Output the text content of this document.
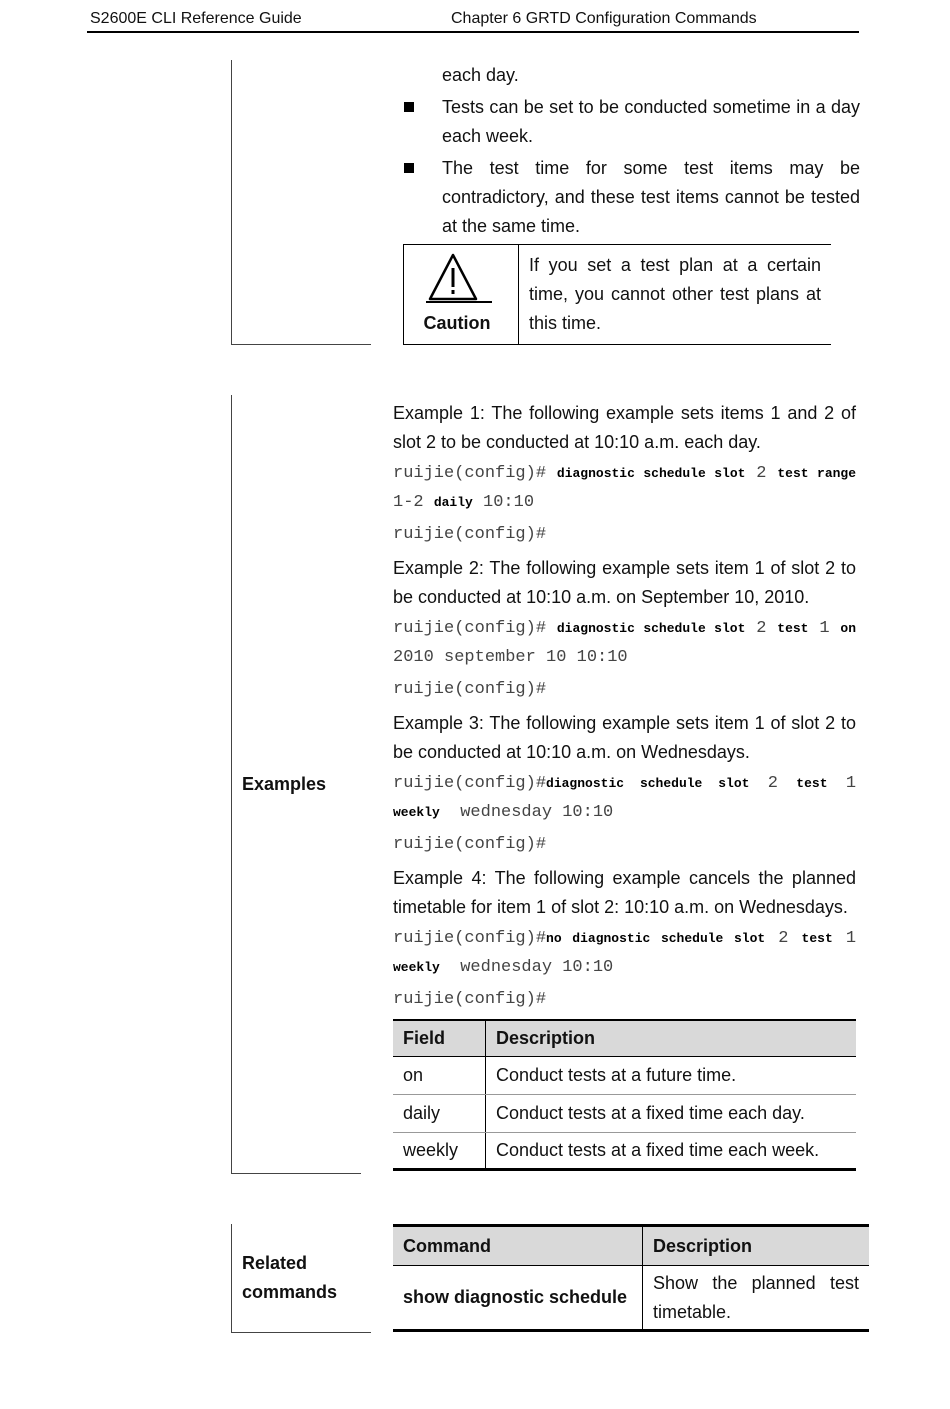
S2600E CLI Reference Guide	Chapter 6 GRTD Configuration Commands
each day.
Tests can be set to be conducted sometime in a day each week.
The test time for some test items may be contradictory, and these test items cannot be tested at the same time.
Caution
If you set a test plan at a certain time, you cannot other test plans at this time.
Examples
Example 1: The following example sets items 1 and 2 of slot 2 to be conducted at 10:10 a.m. each day.
ruijie(config)# diagnostic schedule slot 2 test range 1-2 daily 10:10
ruijie(config)#
Example 2: The following example sets item 1 of slot 2 to be conducted at 10:10 a.m. on September 10, 2010.
ruijie(config)# diagnostic schedule slot 2 test 1 on 2010 september 10 10:10
ruijie(config)#
Example 3: The following example sets item 1 of slot 2 to be conducted at 10:10 a.m. on Wednesdays.
ruijie(config)#diagnostic schedule slot 2 test 1 weekly wednesday 10:10
ruijie(config)#
Example 4: The following example cancels the planned timetable for item 1 of slot 2: 10:10 a.m. on Wednesdays.
ruijie(config)#no diagnostic schedule slot 2 test 1 weekly wednesday 10:10
ruijie(config)#
Field	Description
on	Conduct tests at a future time.
daily	Conduct tests at a fixed time each day.
weekly	Conduct tests at a fixed time each week.
Related
commands
Command	Description
show diagnostic schedule	Show the planned test timetable.
